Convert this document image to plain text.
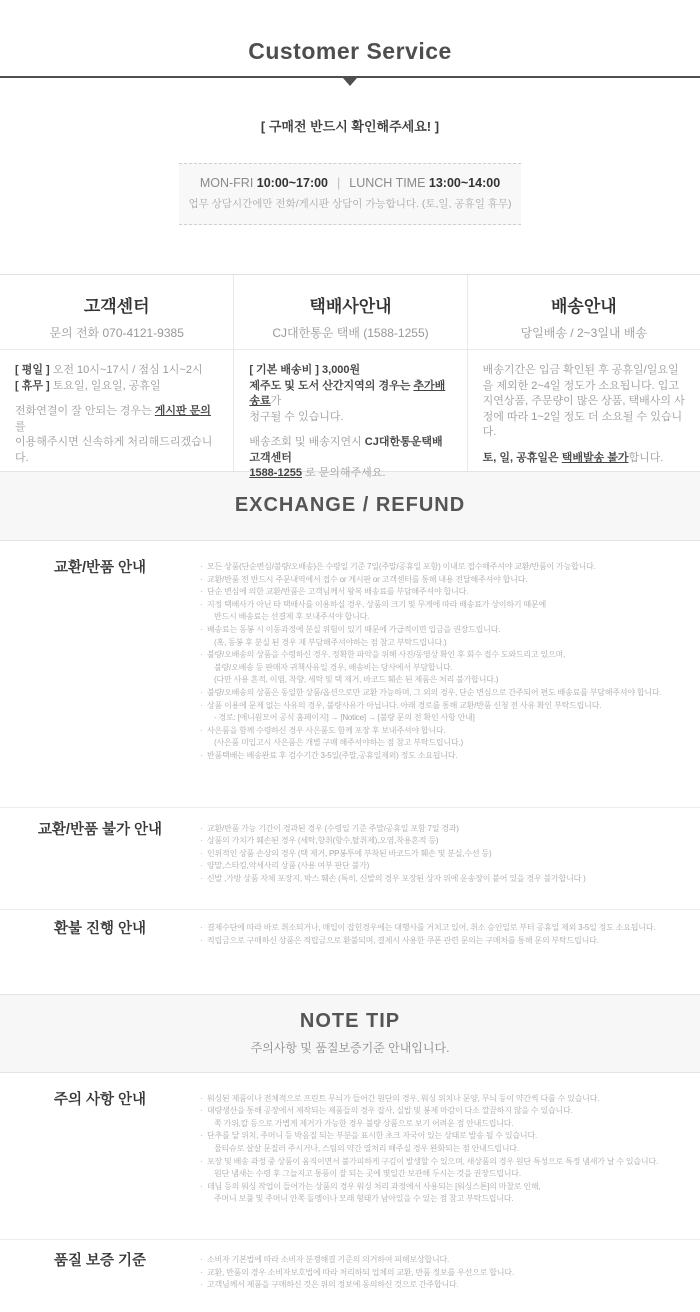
Customer Service
[ 구매전 반드시 확인해주세요! ]
MON-FRI 10:00~17:00 | LUNCH TIME 13:00~14:00
업무 상담시간에만 전화/게시판 상담이 가능합니다. (토,일, 공휴일 휴무)
고객센터
문의 전화 070-4121-9385

[ 평일 ] 오전 10시~17시 / 점심 1시~2시
[ 휴무 ] 토요일, 일요일, 공휴일

전화연결이 잘 안되는 경우는 게시판 문의를
이용해주시면 신속하게 처리해드리겠습니다.

택배사안내
CJ대한통운 택배 (1588-1255)

[ 기본 배송비 ] 3,000원
제주도 및 도서 산간지역의 경우는 추가배송료가
청구될 수 있습니다.

배송조회 및 배송지연시 CJ대한통운택배 고객센터
1588-1255 로 문의해주세요.

배송안내
당일배송 / 2~3일내 배송

배송기간은 입금 확인된 후 공휴일/일요일을 제외한 2~4일 정도가 소요됩니다. 입고지연상품, 주문량이 많은 상품, 택배사의 사정에 따라 1~2일 정도 더 소요될 수 있습니다.

토, 일, 공휴일은 택배발송 불가합니다.

EXCHANGE / REFUND
교환/반품 안내	· 모든 상품(단순변심/불량/오배송)은 수령일 기준 7일(주말/공휴일 포함) 이내로 접수해주셔야 교환/반품이 가능합니다.
· 교환/반품 전 반드시 주문내역에서 접수 or 게시판 or 고객센터를 통해 내용 전달해주셔야 합니다.
· 단순 변심에 의한 교환/반품은 고객님께서 왕복 배송료를 부담해주셔야 합니다.
· 지정 택배사가 아닌 타 택배사를 이용하실 경우, 상품의 크기 및 무게에 따라 배송료가 상이하기 때문에
반드시 배송료는 선결제 후 보내주셔야 합니다.
· 배송료는 동봉 시 이동과정에 분실 위험이 있기 때문에 가급적이면 입금을 권장드립니다.
(혹, 동봉 후 분실 된 경우 재 부담해주셔야하는 점 참고 부탁드립니다.)
· 불량/오배송의 상품을 수령하신 경우, 정확한 파악을 위해 사진/동영상 확인 후 회수 접수 도와드리고 있으며,
불량/오배송 등 판매자 귀책사유일 경우, 배송비는 당사에서 부담합니다.
(다만 사용 흔적, 이염, 착향, 세탁 및 택 제거, 바코드 훼손 된 제품은 처리 불가합니다.)
· 불량/오배송의 상품은 동일한 상품/옵션으로만 교환 가능하며, 그 외의 경우, 단순 변심으로 간주되어 편도 배송료를 부담해주셔야 합니다.
· 상품 이용에 문제 없는 사유의 경우, 불량사유가 아닙니다. 아래 경로를 통해 교환/반품 신청 전 사유 확인 부탁드립니다.
- 경로: [애니원모어 공식 홈페이지] → [Notice] → [불량 문의 전 확인 사항 안내]
· 사은품을 함께 수령하신 경우 사은품도 함께 포장 후 보내주셔야 합니다.
(사은품 미입고시 사은품은 개별 구매 해주셔야하는 점 참고 부탁드립니다.)
· 반품택배는 배송완료 후 검수기간 3-5일(주말,공휴일제외) 정도 소요됩니다.
교환/반품 불가 안내	· 교환/반품 가능 기간이 경과된 경우 (수령일 기준 주말/공휴일 포함 7일 경과)
· 상품의 가치가 훼손된 경우 (세탁,향취(향수,탈취제),오염,착용흔적 등)
· 인위적인 상품 손상의 경우 (택 제거, PP봉투에 부착된 바코드가 훼손 및 분실,수선 등)
· 양말,스타킹,악세사리 상품 (사용 여부 판단 불가)
· 신발 ,가방 상품 자체 포장지, 박스 훼손 (특히, 신발의 경우 포장된 상자 위에 운송장이 붙어 있을 경우 불가합니다 )
환불 진행 안내	· 결제수단에 따라 바로 취소되거나, 매입이 잡힌경우에는 대행사를 거치고 있어, 취소 승인일로 부터 공휴일 제외 3-5일 정도 소요됩니다.
· 적립금으로 구매하신 상품은 적립금으로 환불되며, 결제시 사용한 쿠폰 관련 문의는 구매처를 통해 문의 부탁드립니다.
NOTE TIP
주의사항 및 품질보증기준 안내입니다.
주의 사항 안내	· 워싱된 제품이나 전체적으로 프린트 무늬가 들어간 원단의 경우, 워싱 위치나 문양, 무늬 등이 약간씩 다를 수 있습니다.
· 대량생산을 통해 공장에서 제작되는 제품들의 경우 잡사, 실밥 및 봉제 마감이 다소 깔끔하지 않을 수 있습니다.
쪽 가위,칼 등으로 가볍게 제거가 가능한 경우 불량 상품으로 보기 어려운 점 안내드립니다.
· 단추를 달 위치, 주머니 등 박음질 되는 부분을 표시한 초크 자국이 있는 상태로 발송 될 수 있습니다.
물티슈로 살살 문질러 주시거나, 스팀의 약간 열처리 해주실 경우 완화되는 점 안내드립니다.
· 포장 및 배송 과정 중 상품이 움직이면서 불가피하게 구김이 발생할 수 있으며, 새상품의 경우 원단 특성으로 특정 냄새가 날 수 있습니다.
원단 냄새는 수령 후 그늘지고 통풍이 잘 되는 곳에 몇일간 보관해 두시는 것을 권장드립니다.
· 데님 등의 워싱 작업이 들어가는 상품의 경우 워싱 처리 과정에서 사용되는 [워싱스톤]의 마찰로 인해,
주머니 보풀 및 주머니 안쪽 돌멩이나 모래 형태가 남아있을 수 있는 점 참고 부탁드립니다.
품질 보증 기준	· 소비자 기본법에 따라 소비자 분쟁해결 기준의 의거하여 피해보상합니다.
· 교환, 반품의 경우 소비자보호법에 따라 처리하되 업체의 교환, 반품 정보를 우선으로 합니다.
· 고객님께서 제품을 구매하신 것은 위의 정보에 동의하신 것으로 간주합니다.
